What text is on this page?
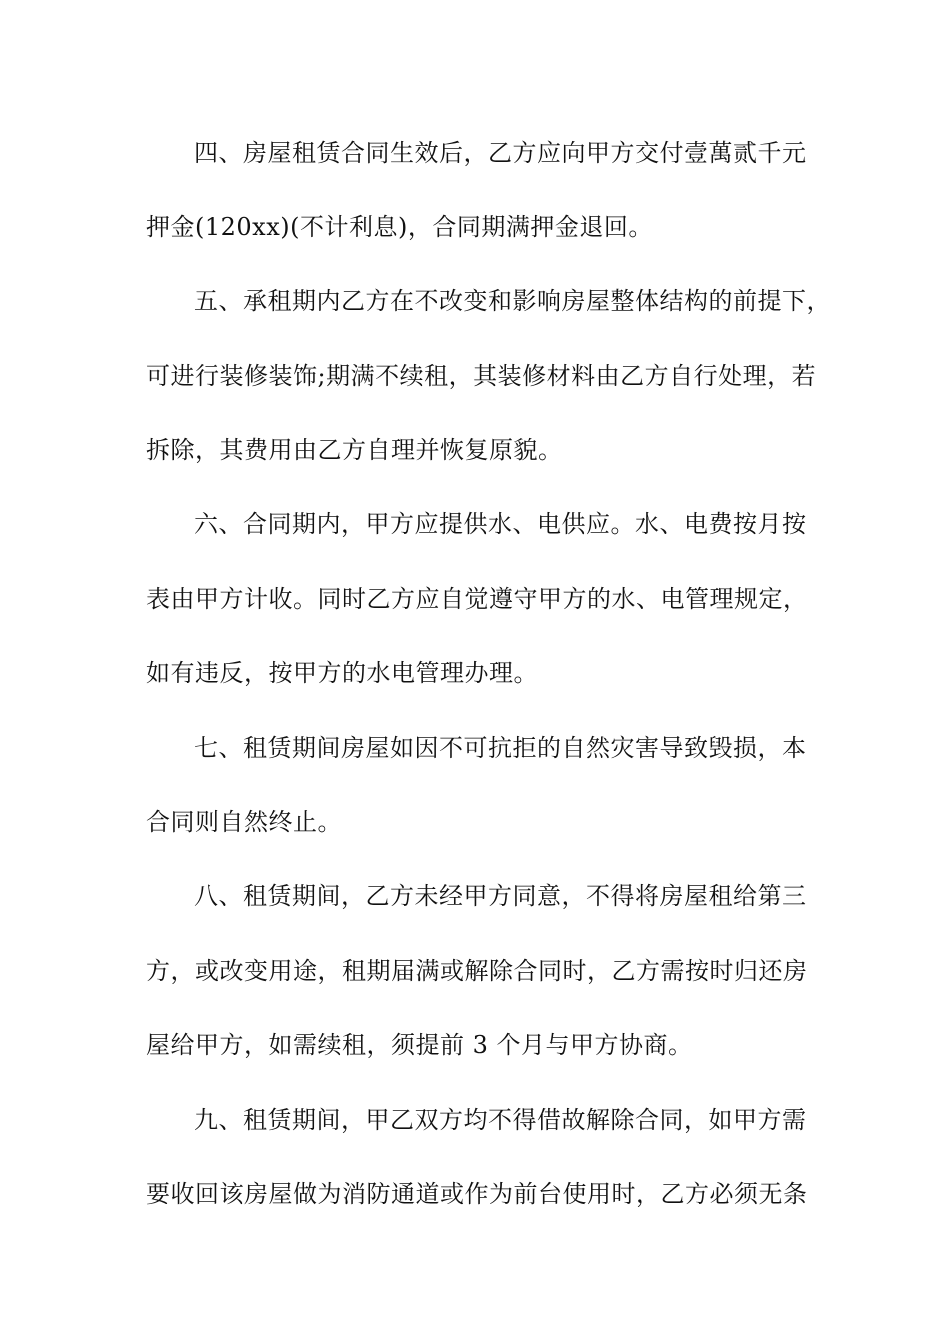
四、房屋租赁合同生效后，乙方应向甲方交付壹萬贰千元
押金(120xx)(不计利息)，合同期满押金退回。
五、承租期内乙方在不改变和影响房屋整体结构的前提下，
可进行装修装饰;期满不续租，其装修材料由乙方自行处理，若
拆除，其费用由乙方自理并恢复原貌。
六、合同期内，甲方应提供水、电供应。水、电费按月按
表由甲方计收。同时乙方应自觉遵守甲方的水、电管理规定，
如有违反，按甲方的水电管理办理。
七、租赁期间房屋如因不可抗拒的自然灾害导致毁损，本
合同则自然终止。
八、租赁期间，乙方未经甲方同意，不得将房屋租给第三
方，或改变用途，租期届满或解除合同时，乙方需按时归还房
屋给甲方，如需续租，须提前 3 个月与甲方协商。
九、租赁期间，甲乙双方均不得借故解除合同，如甲方需
要收回该房屋做为消防通道或作为前台使用时，乙方必须无条
